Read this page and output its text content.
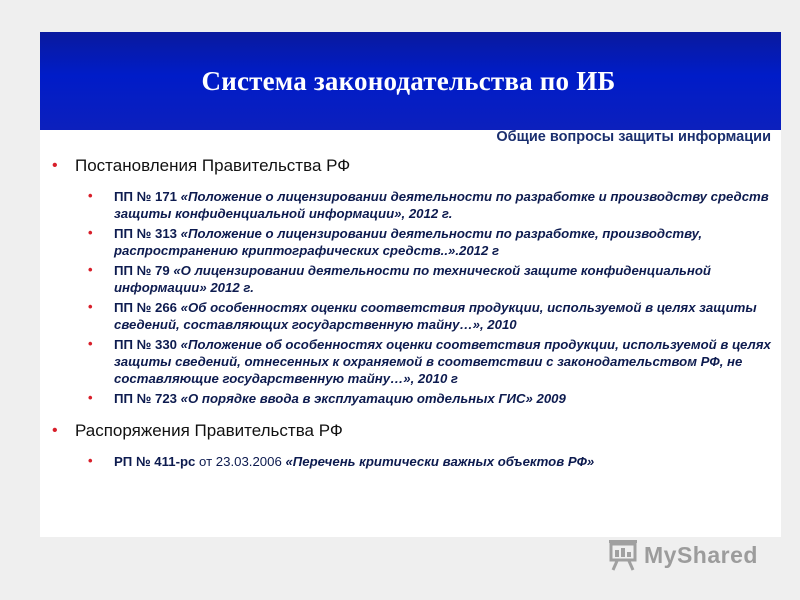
Система законодательства по ИБ
Общие вопросы защиты информации
• Постановления Правительства РФ
• ПП № 171 «Положение о лицензировании деятельности по разработке и производству средств защиты конфиденциальной информации», 2012 г.
• ПП № 313 «Положение о лицензировании деятельности по разработке, производству, распространению криптографических средств..».2012 г
• ПП № 79 «О лицензировании деятельности по технической защите конфиденциальной информации» 2012 г.
• ПП № 266 «Об особенностях оценки соответствия продукции, используемой в целях защиты сведений, составляющих государственную тайну…», 2010
• ПП № 330 «Положение об особенностях оценки соответствия продукции, используемой в целях защиты сведений, отнесенных к охраняемой в соответствии с законодательством РФ, не составляющие государственную тайну…», 2010 г
• ПП № 723 «О порядке ввода в эксплуатацию отдельных ГИС» 2009
• Распоряжения Правительства РФ
• РП № 411-рс от 23.03.2006 «Перечень критически важных объектов РФ»
MyShared
